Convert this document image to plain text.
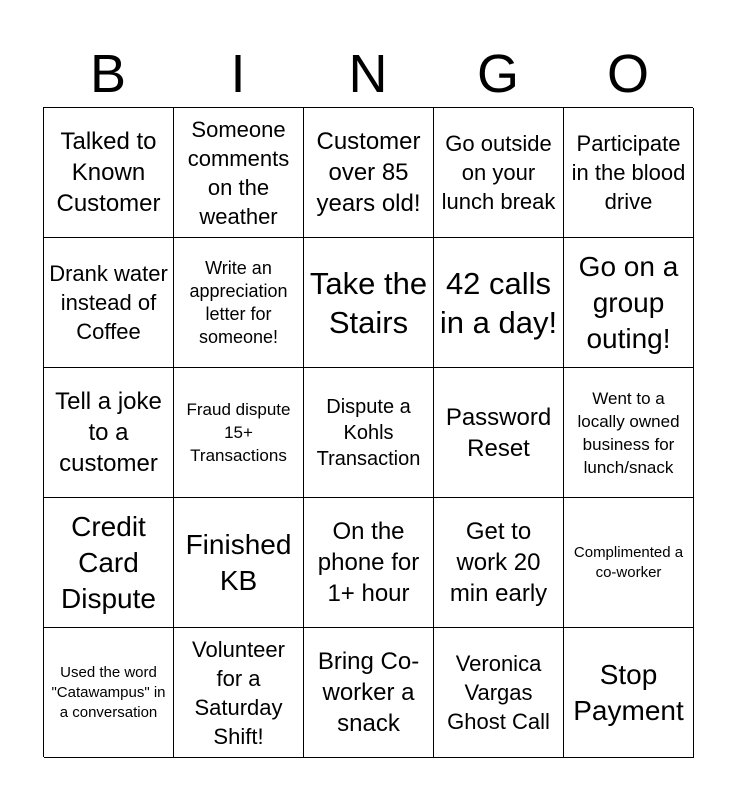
B	I	N	G	O
Talked to Known Customer
Someone comments on the weather
Customer over 85 years old!
Go outside on your lunch break
Participate in the blood drive
Drank water instead of Coffee
Write an appreciation letter for someone!
Take the Stairs
42 calls in a day!
Go on a group outing!
Tell a joke to a customer
Fraud dispute 15+ Transactions
Dispute a Kohls Transaction
Password Reset
Went to a locally owned business for lunch/snack
Credit Card Dispute
Finished KB
On the phone for 1+ hour
Get to work 20 min early
Complimented a co-worker
Used the word "Catawampus" in a conversation
Volunteer for a Saturday Shift!
Bring Co-worker a snack
Veronica Vargas Ghost Call
Stop Payment
